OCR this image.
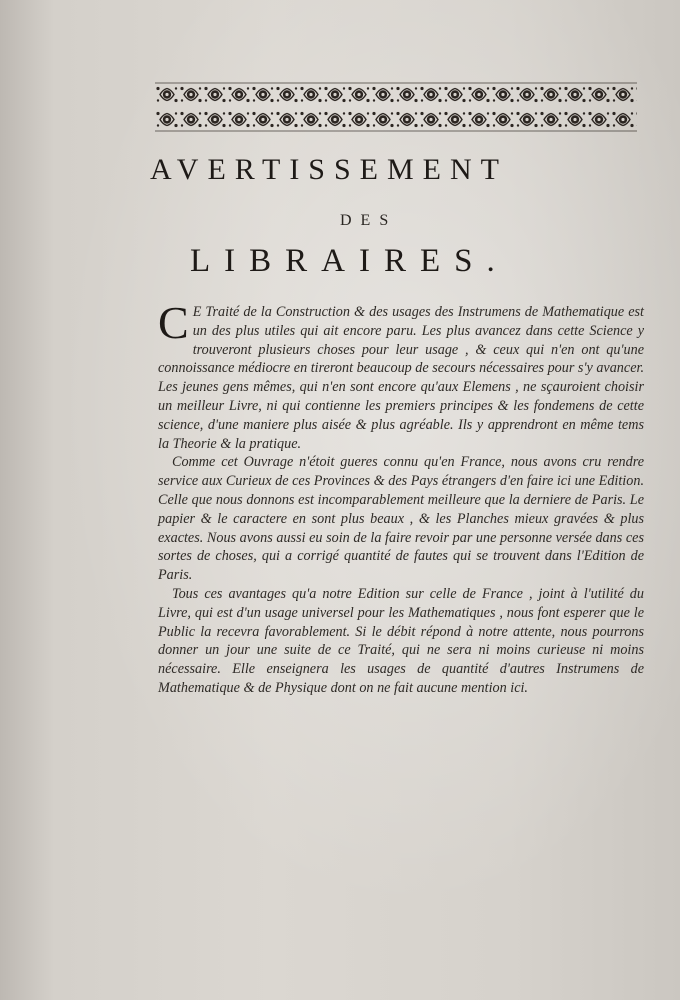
AVERTISSEMENT
DES
LIBRAIRES.

C E Traité de la Construction & des usages des Instrumens de Mathematique est un des plus utiles qui ait encore paru. Les plus avancez dans cette Science y trouveront plusieurs choses pour leur usage , & ceux qui n'en ont qu'une connoissance médiocre en tireront beaucoup de secours nécessaires pour s'y avancer. Les jeunes gens mêmes, qui n'en sont encore qu'aux Elemens , ne sçauroient choisir un meilleur Livre, ni qui contienne les premiers principes & les fondemens de cette science, d'une maniere plus aisée & plus agréable. Ils y apprendront en même tems la Theorie & la pratique.

Comme cet Ouvrage n'étoit gueres connu qu'en France, nous avons cru rendre service aux Curieux de ces Provinces & des Pays étrangers d'en faire ici une Edition. Celle que nous donnons est incomparablement meilleure que la derniere de Paris. Le papier & le caractere en sont plus beaux , & les Planches mieux gravées & plus exactes. Nous avons aussi eu soin de la faire revoir par une personne versée dans ces sortes de choses, qui a corrigé quantité de fautes qui se trouvent dans l'Edition de Paris.

Tous ces avantages qu'a notre Edition sur celle de France , joint à l'utilité du Livre, qui est d'un usage universel pour les Mathematiques , nous font esperer que le Public la recevra favorablement. Si le débit répond à notre attente, nous pourrons donner un jour une suite de ce Traité, qui ne sera ni moins curieuse ni moins nécessaire. Elle enseignera les usages de quantité d'autres Instrumens de Mathematique & de Physique dont on ne fait aucune mention ici.
